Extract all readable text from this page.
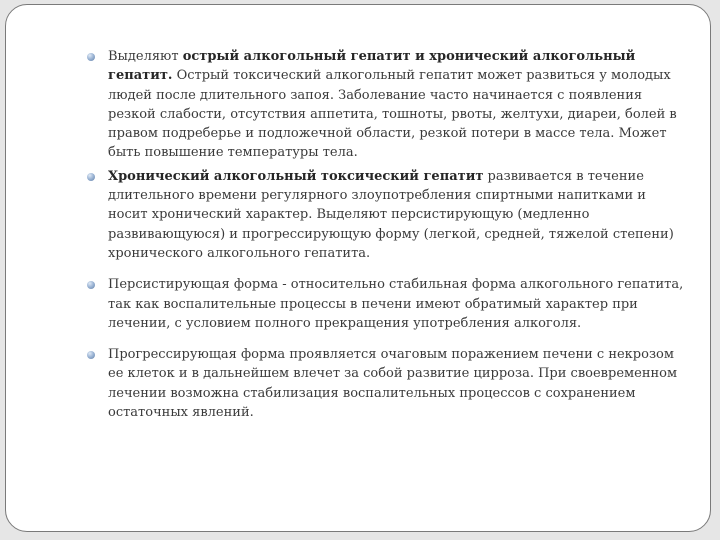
Выделяют острый алкогольный гепатит и хронический алкогольный гепатит. Острый токсический алкогольный гепатит может развиться у молодых людей после длительного запоя. Заболевание часто начинается с появления резкой слабости, отсутствия аппетита, тошноты, рвоты, желтухи, диареи, болей в правом подреберье и подложечной области, резкой потери в массе тела. Может быть повышение температуры тела.

Хронический алкогольный токсический гепатит развивается в течение длительного времени регулярного злоупотребления спиртными напитками и носит хронический характер. Выделяют персистирующую (медленно развивающуюся) и прогрессирующую форму (легкой, средней, тяжелой степени) хронического алкогольного гепатита.

Персистирующая форма - относительно стабильная форма алкогольного гепатита, так как воспалительные процессы в печени имеют обратимый характер при лечении, с условием полного прекращения употребления алкоголя.

Прогрессирующая форма проявляется очаговым поражением печени с некрозом ее клеток и в дальнейшем влечет за собой развитие цирроза. При своевременном лечении возможна стабилизация воспалительных процессов с сохранением остаточных явлений.
